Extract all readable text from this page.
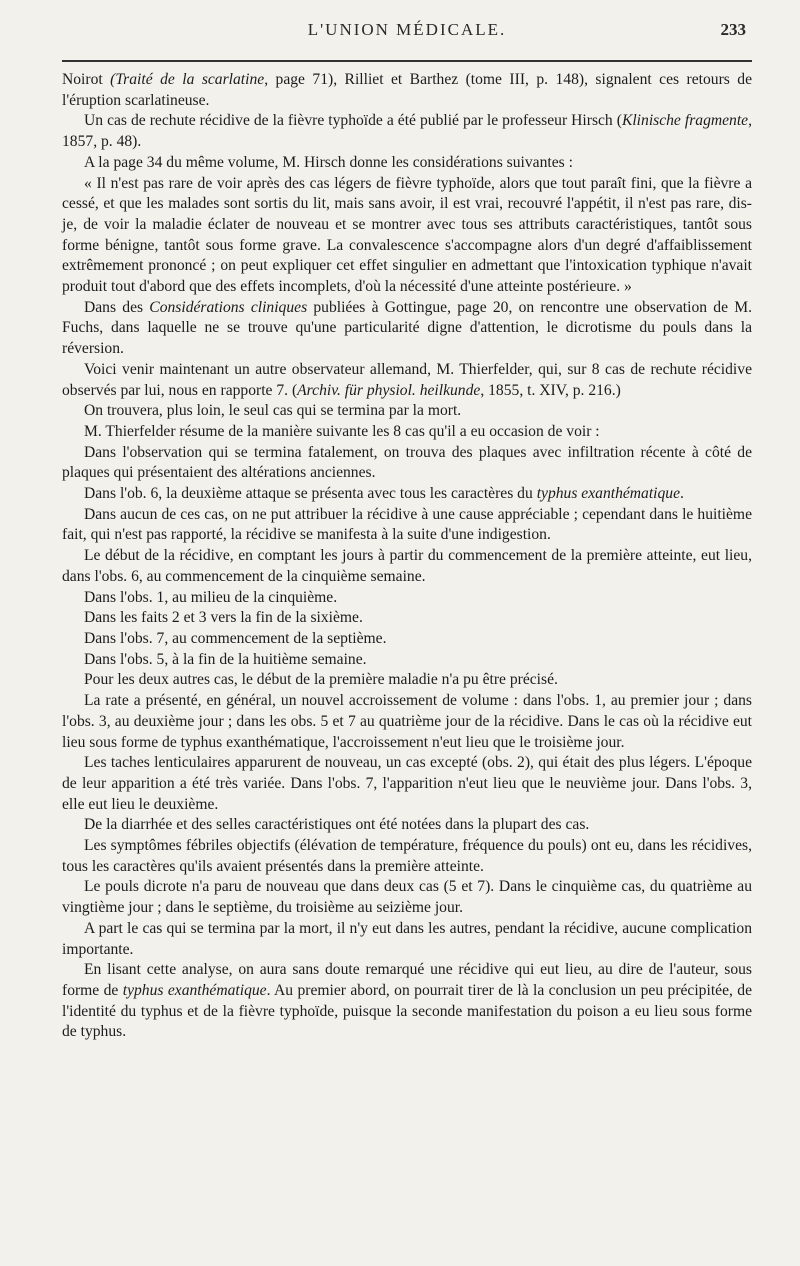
L'UNION MÉDICALE.	233

Noirot (Traité de la scarlatine, page 71), Rilliet et Barthez (tome III, p. 148), signalent ces retours de l'éruption scarlatineuse.

Un cas de rechute récidive de la fièvre typhoïde a été publié par le professeur Hirsch (Klinische fragmente, 1857, p. 48).

A la page 34 du même volume, M. Hirsch donne les considérations suivantes :

« Il n'est pas rare de voir après des cas légers de fièvre typhoïde, alors que tout paraît fini, que la fièvre a cessé, et que les malades sont sortis du lit, mais sans avoir, il est vrai, recouvré l'appétit, il n'est pas rare, dis-je, de voir la maladie éclater de nouveau et se montrer avec tous ses attributs caractéristiques, tantôt sous forme bénigne, tantôt sous forme grave. La convalescence s'accompagne alors d'un degré d'affaiblissement extrêmement prononcé ; on peut expliquer cet effet singulier en admettant que l'intoxication typhique n'avait produit tout d'abord que des effets incomplets, d'où la nécessité d'une atteinte postérieure. »

Dans des Considérations cliniques publiées à Gottingue, page 20, on rencontre une observation de M. Fuchs, dans laquelle ne se trouve qu'une particularité digne d'attention, le dicrotisme du pouls dans la réversion.

Voici venir maintenant un autre observateur allemand, M. Thierfelder, qui, sur 8 cas de rechute récidive observés par lui, nous en rapporte 7. (Archiv. für physiol. heilkunde, 1855, t. XIV, p. 216.)

On trouvera, plus loin, le seul cas qui se termina par la mort.

M. Thierfelder résume de la manière suivante les 8 cas qu'il a eu occasion de voir :

Dans l'observation qui se termina fatalement, on trouva des plaques avec infiltration récente à côté de plaques qui présentaient des altérations anciennes.

Dans l'ob. 6, la deuxième attaque se présenta avec tous les caractères du typhus exanthématique.

Dans aucun de ces cas, on ne put attribuer la récidive à une cause appréciable ; cependant dans le huitième fait, qui n'est pas rapporté, la récidive se manifesta à la suite d'une indigestion.

Le début de la récidive, en comptant les jours à partir du commencement de la première atteinte, eut lieu, dans l'obs. 6, au commencement de la cinquième semaine.

Dans l'obs. 1, au milieu de la cinquième.

Dans les faits 2 et 3 vers la fin de la sixième.

Dans l'obs. 7, au commencement de la septième.

Dans l'obs. 5, à la fin de la huitième semaine.

Pour les deux autres cas, le début de la première maladie n'a pu être précisé.

La rate a présenté, en général, un nouvel accroissement de volume : dans l'obs. 1, au premier jour ; dans l'obs. 3, au deuxième jour ; dans les obs. 5 et 7 au quatrième jour de la récidive. Dans le cas où la récidive eut lieu sous forme de typhus exanthématique, l'accroissement n'eut lieu que le troisième jour.

Les taches lenticulaires apparurent de nouveau, un cas excepté (obs. 2), qui était des plus légers. L'époque de leur apparition a été très variée. Dans l'obs. 7, l'apparition n'eut lieu que le neuvième jour. Dans l'obs. 3, elle eut lieu le deuxième.

De la diarrhée et des selles caractéristiques ont été notées dans la plupart des cas.

Les symptômes fébriles objectifs (élévation de température, fréquence du pouls) ont eu, dans les récidives, tous les caractères qu'ils avaient présentés dans la première atteinte.

Le pouls dicrote n'a paru de nouveau que dans deux cas (5 et 7). Dans le cinquième cas, du quatrième au vingtième jour ; dans le septième, du troisième au seizième jour.

A part le cas qui se termina par la mort, il n'y eut dans les autres, pendant la récidive, aucune complication importante.

En lisant cette analyse, on aura sans doute remarqué une récidive qui eut lieu, au dire de l'auteur, sous forme de typhus exanthématique. Au premier abord, on pourrait tirer de là la conclusion un peu précipitée, de l'identité du typhus et de la fièvre typhoïde, puisque la seconde manifestation du poison a eu lieu sous forme de typhus.
